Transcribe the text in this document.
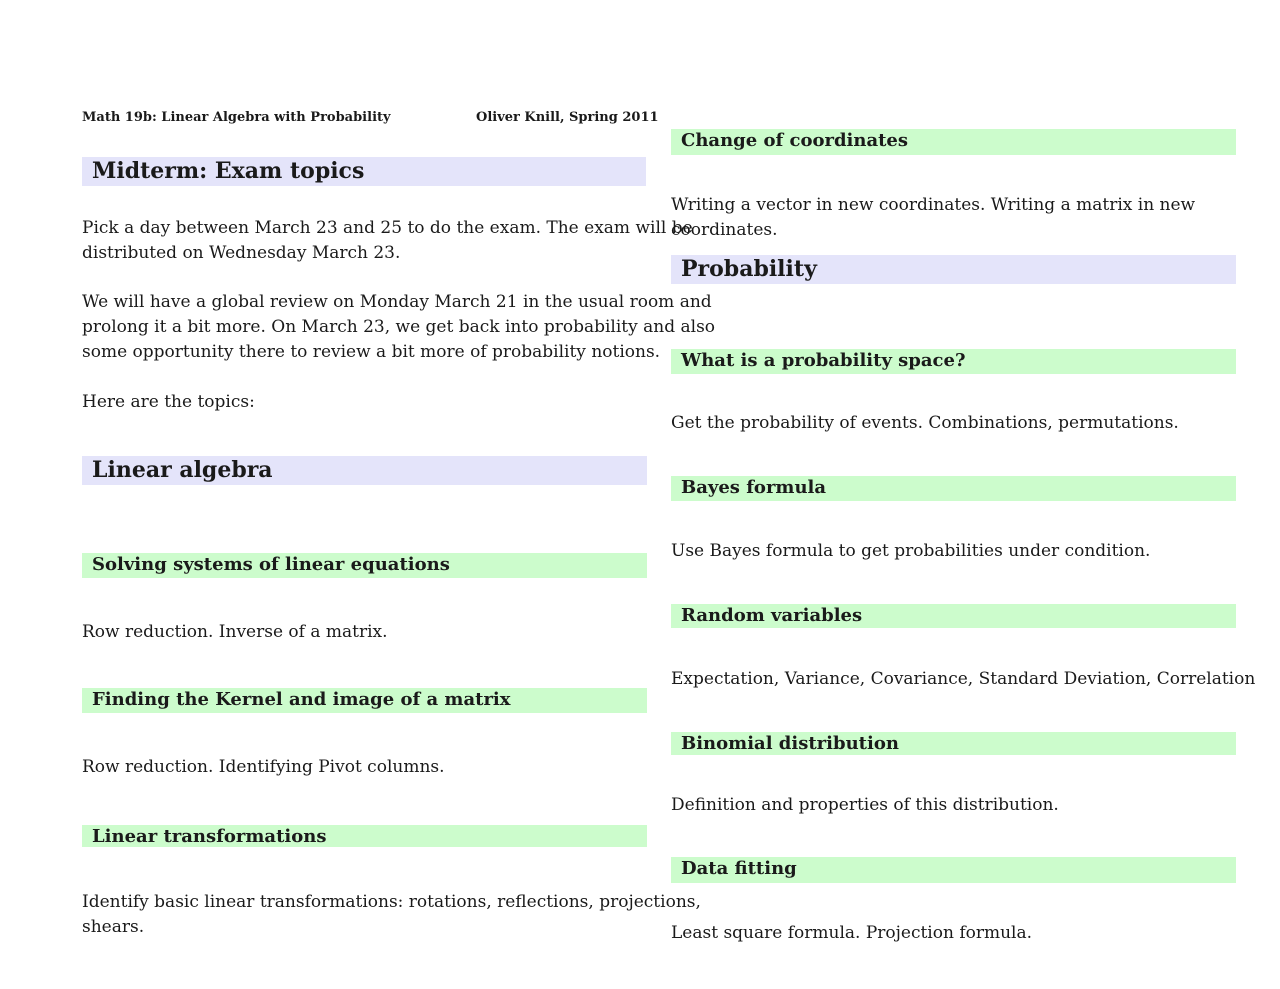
Math 19b: Linear Algebra with Probability	Oliver Knill, Spring 2011
Midterm: Exam topics
Pick a day between March 23 and 25 to do the exam. The exam will be
distributed on Wednesday March 23.
We will have a global review on Monday March 21 in the usual room and
prolong it a bit more. On March 23, we get back into probability and also
some opportunity there to review a bit more of probability notions.
Here are the topics:
Linear algebra
Solving systems of linear equations
Row reduction. Inverse of a matrix.
Finding the Kernel and image of a matrix
Row reduction. Identifying Pivot columns.
Linear transformations
Identify basic linear transformations: rotations, reflections, projections,
shears.
Change of coordinates
Writing a vector in new coordinates. Writing a matrix in new coordinates.
Probability
What is a probability space?
Get the probability of events. Combinations, permutations.
Bayes formula
Use Bayes formula to get probabilities under condition.
Random variables
Expectation, Variance, Covariance, Standard Deviation, Correlation
Binomial distribution
Definition and properties of this distribution.
Data fitting
Least square formula. Projection formula.
